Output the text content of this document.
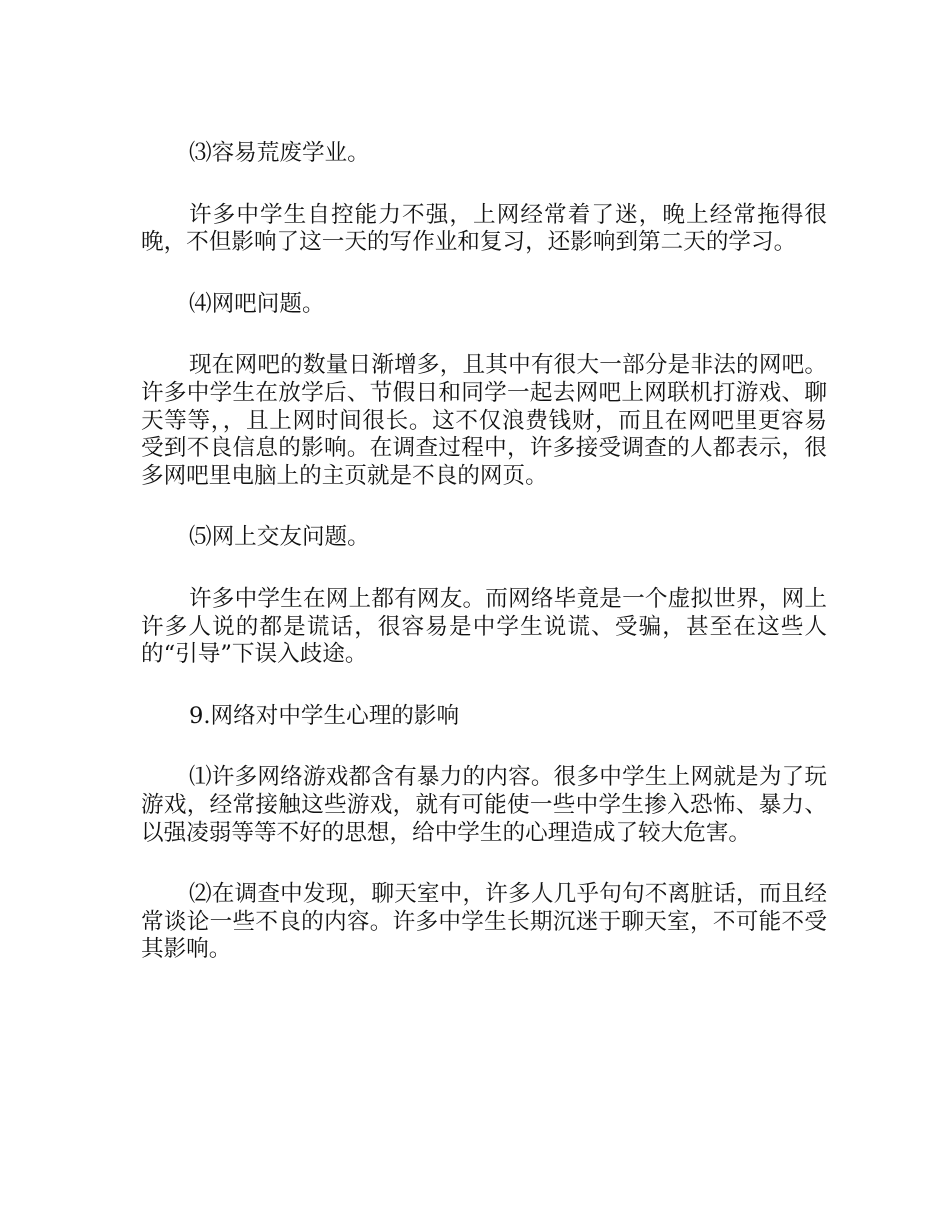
⑶容易荒废学业。

许多中学生自控能力不强，上网经常着了迷，晚上经常拖得很晚，不但影响了这一天的写作业和复习，还影响到第二天的学习。

⑷网吧问题。

现在网吧的数量日渐增多，且其中有很大一部分是非法的网吧。许多中学生在放学后、节假日和同学一起去网吧上网联机打游戏、聊天等等，，且上网时间很长。这不仅浪费钱财，而且在网吧里更容易受到不良信息的影响。在调查过程中，许多接受调查的人都表示，很多网吧里电脑上的主页就是不良的网页。

⑸网上交友问题。

许多中学生在网上都有网友。而网络毕竟是一个虚拟世界，网上许多人说的都是谎话，很容易是中学生说谎、受骗，甚至在这些人的“引导”下误入歧途。

9.网络对中学生心理的影响

⑴许多网络游戏都含有暴力的内容。很多中学生上网就是为了玩游戏，经常接触这些游戏，就有可能使一些中学生掺入恐怖、暴力、以强凌弱等等不好的思想，给中学生的心理造成了较大危害。

⑵在调查中发现，聊天室中，许多人几乎句句不离脏话，而且经常谈论一些不良的内容。许多中学生长期沉迷于聊天室，不可能不受其影响。
